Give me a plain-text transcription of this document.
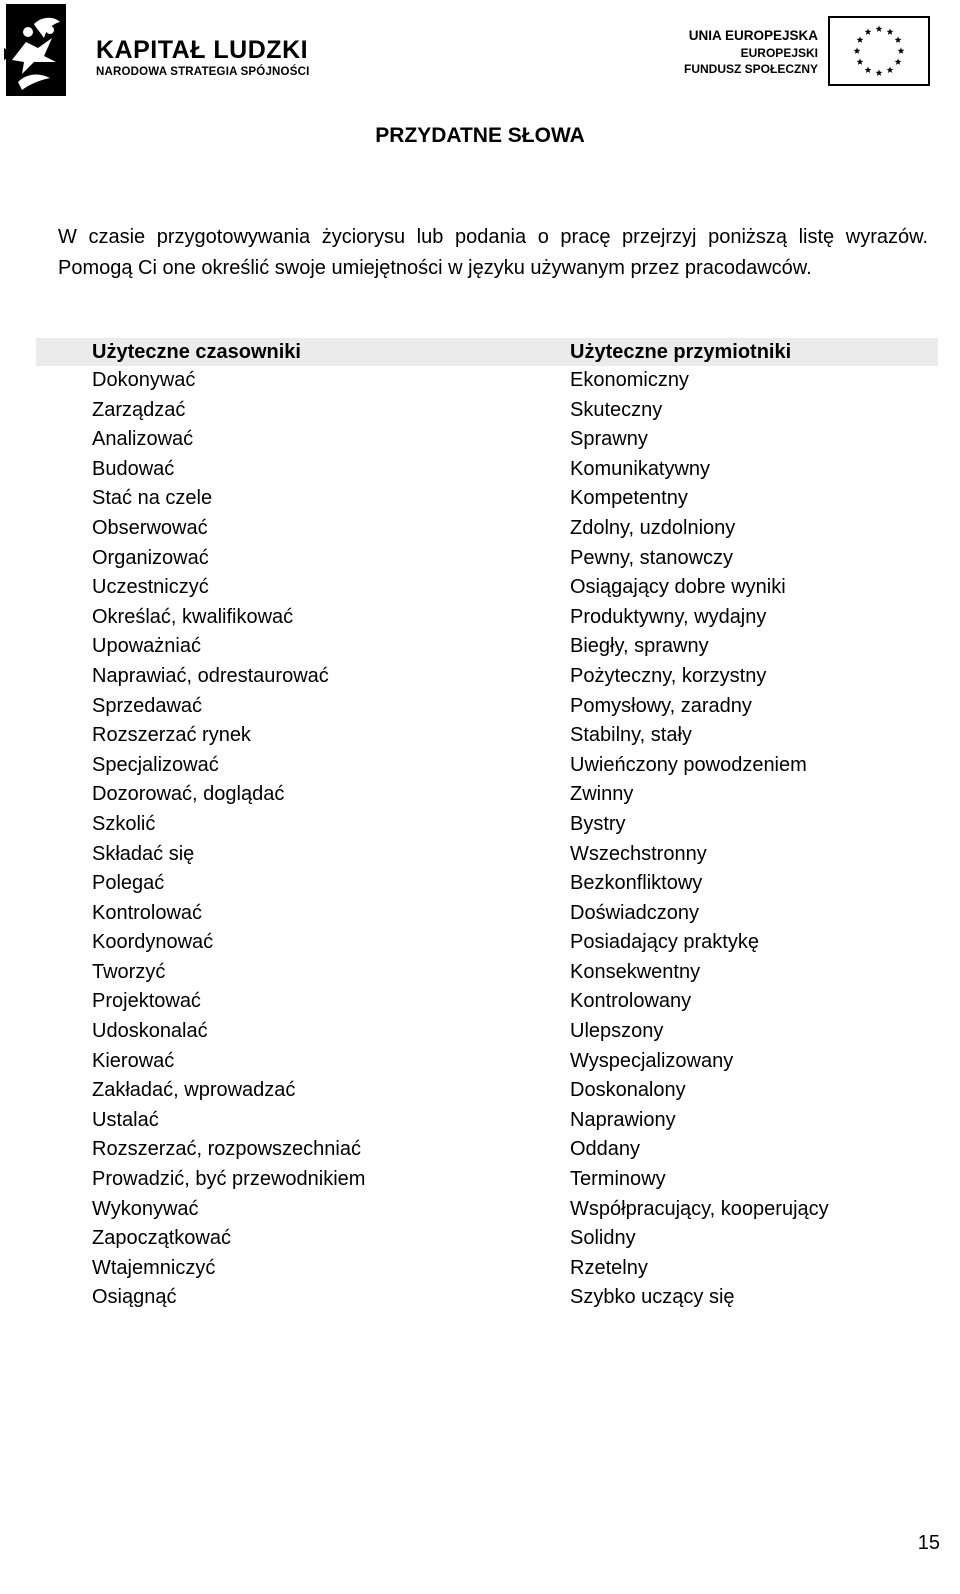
KAPITAŁ LUDZKI
NARODOWA STRATEGIA SPÓJNOŚCI
UNIA EUROPEJSKA
EUROPEJSKI
FUNDUSZ SPOŁECZNY
PRZYDATNE SŁOWA
W czasie przygotowywania życiorysu lub podania o pracę przejrzyj poniższą listę wyrazów.
Pomogą Ci one określić swoje umiejętności w języku używanym przez pracodawców.
Użyteczne czasowniki	Użyteczne przymiotniki
Dokonywać	Ekonomiczny
Zarządzać	Skuteczny
Analizować	Sprawny
Budować	Komunikatywny
Stać na czele	Kompetentny
Obserwować	Zdolny, uzdolniony
Organizować	Pewny, stanowczy
Uczestniczyć	Osiągający dobre wyniki
Określać, kwalifikować	Produktywny, wydajny
Upoważniać	Biegły, sprawny
Naprawiać, odrestaurować	Pożyteczny, korzystny
Sprzedawać	Pomysłowy, zaradny
Rozszerzać rynek	Stabilny, stały
Specjalizować	Uwieńczony powodzeniem
Dozorować, doglądać	Zwinny
Szkolić	Bystry
Składać się	Wszechstronny
Polegać	Bezkonfliktowy
Kontrolować	Doświadczony
Koordynować	Posiadający praktykę
Tworzyć	Konsekwentny
Projektować	Kontrolowany
Udoskonalać	Ulepszony
Kierować	Wyspecjalizowany
Zakładać, wprowadzać	Doskonalony
Ustalać	Naprawiony
Rozszerzać, rozpowszechniać	Oddany
Prowadzić, być przewodnikiem	Terminowy
Wykonywać	Współpracujący, kooperujący
Zapoczątkować	Solidny
Wtajemniczyć	Rzetelny
Osiągnąć	Szybko uczący się
15
